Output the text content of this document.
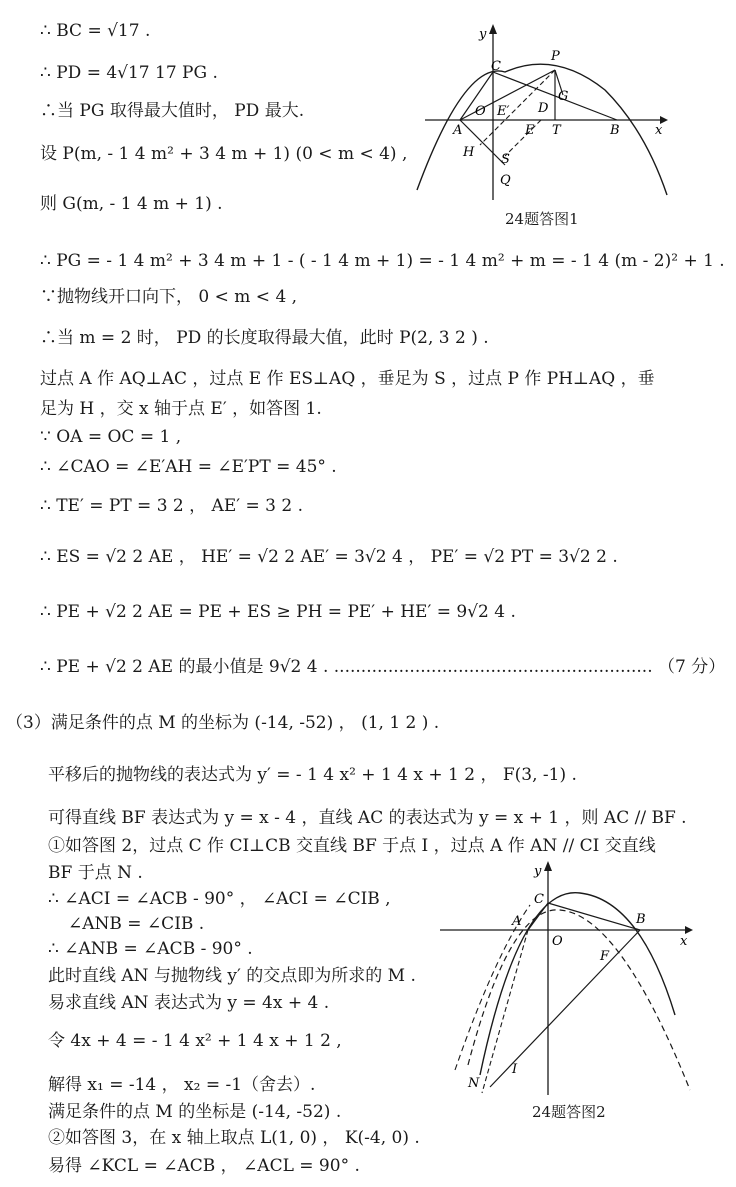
∴ BC = √17 .
∴ PD = 4√17 17 PG .
∴当 PG 取得最大值时， PD 最大.
设 P(m, - 1 4 m² + 3 4 m + 1) (0 < m < 4) ,
则 G(m, - 1 4 m + 1) .
∴ PG = - 1 4 m² + 3 4 m + 1 - ( - 1 4 m + 1) = - 1 4 m² + m = - 1 4 (m - 2)² + 1 .
∵抛物线开口向下， 0 < m < 4 ,
∴当 m = 2 时， PD 的长度取得最大值，此时 P(2, 3 2 ) .
过点 A 作 AQ⊥AC ，过点 E 作 ES⊥AQ ，垂足为 S ，过点 P 作 PH⊥AQ ，垂
足为 H ，交 x 轴于点 E′ ，如答图 1.
∵ OA = OC = 1 ,
∴ ∠CAO = ∠E′AH = ∠E′PT = 45° .
∴ TE′ = PT = 3 2 ， AE′ = 3 2 .
∴ ES = √2 2 AE ， HE′ = √2 2 AE′ = 3√2 4 ， PE′ = √2 PT = 3√2 2 .
∴ PE + √2 2 AE = PE + ES ≥ PH = PE′ + HE′ = 9√2 4 .
∴ PE + √2 2 AE 的最小值是 9√2 4 . ........................................................... （7 分）
（3）满足条件的点 M 的坐标为 (-14, -52) ， (1, 1 2 ) .
平移后的抛物线的表达式为 y′ = - 1 4 x² + 1 4 x + 1 2 ， F(3, -1) .
可得直线 BF 表达式为 y = x - 4 ，直线 AC 的表达式为 y = x + 1 ，则 AC // BF .
①如答图 2，过点 C 作 CI⊥CB 交直线 BF 于点 I ，过点 A 作 AN // CI 交直线
BF 于点 N .
∴ ∠ACI = ∠ACB - 90° ， ∠ACI = ∠CIB ,
∠ANB = ∠CIB .
∴ ∠ANB = ∠ACB - 90° .
此时直线 AN 与抛物线 y′ 的交点即为所求的 M .
易求直线 AN 表达式为 y = 4x + 4 .
令 4x + 4 = - 1 4 x² + 1 4 x + 1 2 ,
解得 x₁ = -14 ， x₂ = -1（舍去）.
满足条件的点 M 的坐标是 (-14, -52) .
②如答图 3，在 x 轴上取点 L(1, 0) ， K(-4, 0) .
易得 ∠KCL = ∠ACB ， ∠ACL = 90° .
y
P
C
G
O E′ D
A	E T	B	x
H S
Q
24题答图1
y
C
A
O
B
x
F
N
I
24题答图2
